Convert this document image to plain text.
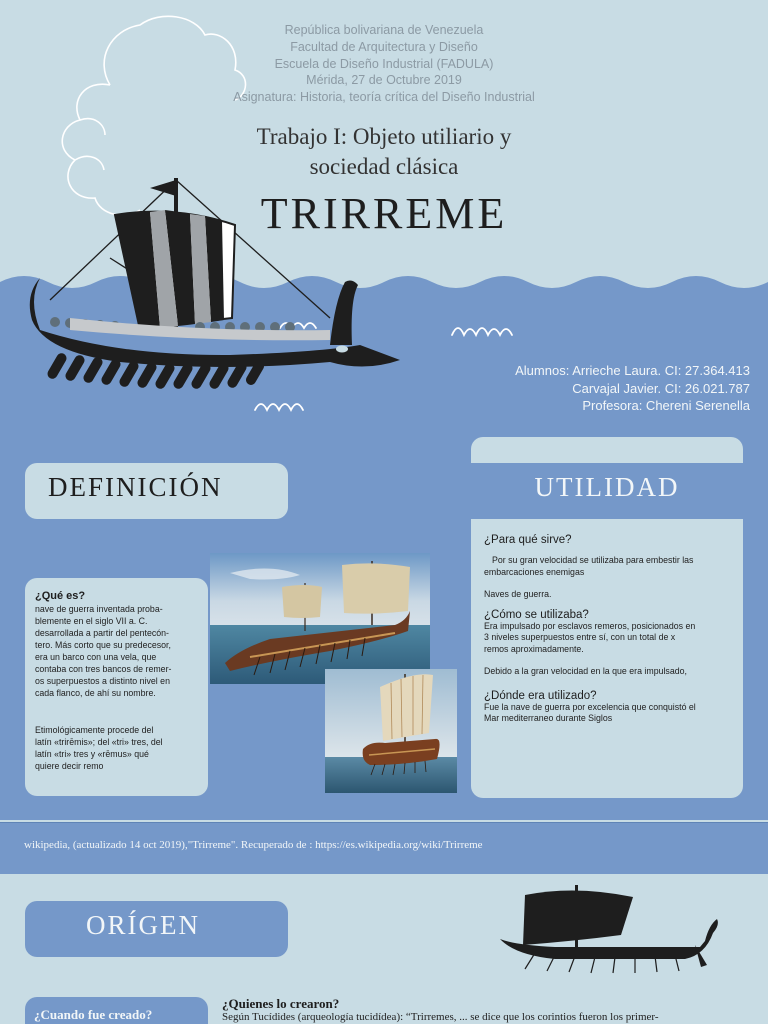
República bolivariana de Venezuela
Facultad de Arquitectura y Diseño
Escuela de Diseño Industrial (FADULA)
Mérida, 27 de Octubre 2019
Asignatura: Historia, teoría crítica del Diseño Industrial
Trabajo I: Objeto utiliario y
sociedad clásica
TRIRREME
Alumnos: Arrieche Laura. CI: 27.364.413
Carvajal Javier. CI: 26.021.787
Profesora: Chereni Serenella
DEFINICIÓN	UTILIDAD
¿Qué es?
nave de guerra inventada proba-
blemente en el siglo VII a. C.
desarrollada a partir del pentecón-
tero. Más corto que su predecesor,
era un barco con una vela, que
contaba con tres bancos de remer-
os superpuestos a distinto nivel en
cada flanco, de ahí su nombre.
Etimológicamente procede del
latín «trirēmis»; del «tri» tres, del
latín «tri» tres y «rēmus» qué
quiere decir remo
¿Para qué sirve?
Por su gran velocidad se utilizaba para embestir las
embarcaciones enemigas
Naves de guerra.
¿Cómo se utilizaba?
Era impulsado por esclavos remeros, posicionados en
3 niveles superpuestos entre sí, con un total de x
remos aproximadamente.
Debido a la gran velocidad en la que era impulsado,
¿Dónde era utilizado?
Fue la nave de guerra por excelencia que conquistó el
Mar mediterraneo durante Siglos
wikipedia, (actualizado 14 oct 2019),"Trirreme". Recuperado de : https://es.wikipedia.org/wiki/Trirreme
ORÍGEN
¿Cuando fue creado?
¿Quienes lo crearon?
Según Tucídides (arqueología tucidídea): “Trirremes, ... se dice que los corintios fueron los primer-
